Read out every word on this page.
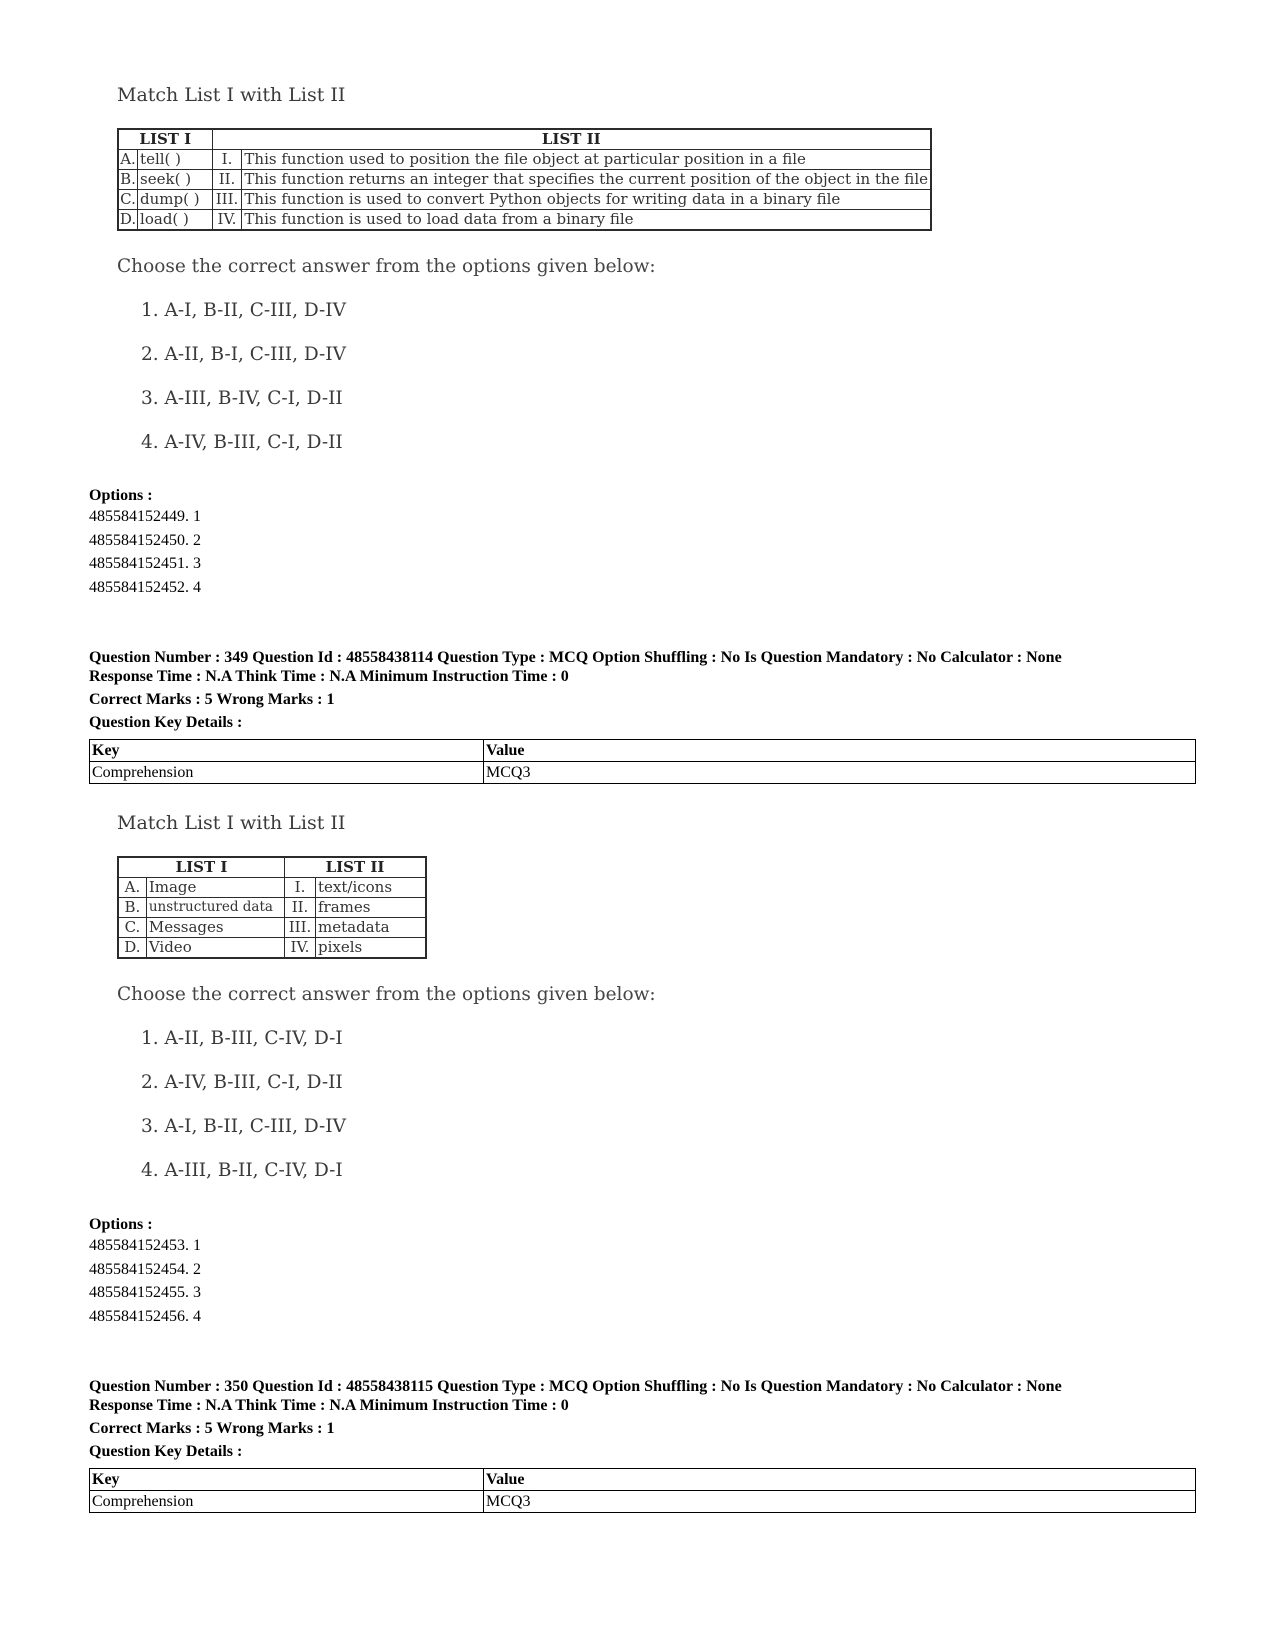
Match List I with List II
LIST I		LIST II	
A.	tell( )	I.	This function used to position the file object at particular position in a file
B.	seek( )	II.	This function returns an integer that specifies the current position of the object in the file
C.	dump( )	III.	This function is used to convert Python objects for writing data in a binary file
D.	load( )	IV.	This function is used to load data from a binary file
Choose the correct answer from the options given below:
1. A-I, B-II, C-III, D-IV
2. A-II, B-I, C-III, D-IV
3. A-III, B-IV, C-I, D-II
4. A-IV, B-III, C-I, D-II
Options :
485584152449. 1
485584152450. 2
485584152451. 3
485584152452. 4
Question Number : 349 Question Id : 48558438114 Question Type : MCQ Option Shuffling : No Is Question Mandatory : No Calculator : None
Response Time : N.A Think Time : N.A Minimum Instruction Time : 0
Correct Marks : 5 Wrong Marks : 1
Question Key Details :
Key	Value
Comprehension	MCQ3
Match List I with List II
LIST I		LIST II	
A.	Image	I.	text/icons
B.	unstructured data	II.	frames
C.	Messages	III.	metadata
D.	Video	IV.	pixels
Choose the correct answer from the options given below:
1. A-II, B-III, C-IV, D-I
2. A-IV, B-III, C-I, D-II
3. A-I, B-II, C-III, D-IV
4. A-III, B-II, C-IV, D-I
Options :
485584152453. 1
485584152454. 2
485584152455. 3
485584152456. 4
Question Number : 350 Question Id : 48558438115 Question Type : MCQ Option Shuffling : No Is Question Mandatory : No Calculator : None
Response Time : N.A Think Time : N.A Minimum Instruction Time : 0
Correct Marks : 5 Wrong Marks : 1
Question Key Details :
Key	Value
Comprehension	MCQ3
